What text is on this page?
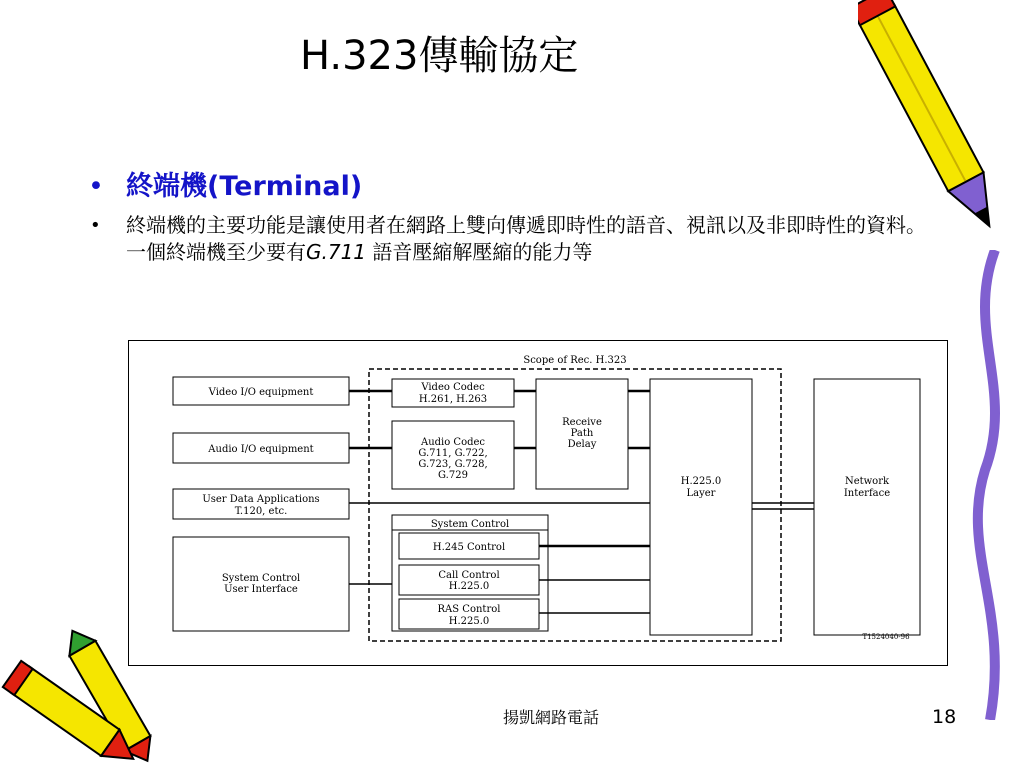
H.323傳輸協定
• 終端機(Terminal)
• 終端機的主要功能是讓使用者在網路上雙向傳遞即時性的語音、視訊以及非即時性的資料。一個終端機至少要有G.711 語音壓縮解壓縮的能力等
Scope of Rec. H.323
Video I/O equipment
Audio I/O equipment
User Data Applications
T.120, etc.
System Control
User Interface
Video Codec
H.261, H.263
Audio Codec
G.711, G.722,
G.723, G.728,
G.729
Receive
Path
Delay
H.225.0
Layer
Network
Interface
System Control
H.245 Control
Call Control
H.225.0
RAS Control
H.225.0
T1524040-96
揚凱網路電話	18
